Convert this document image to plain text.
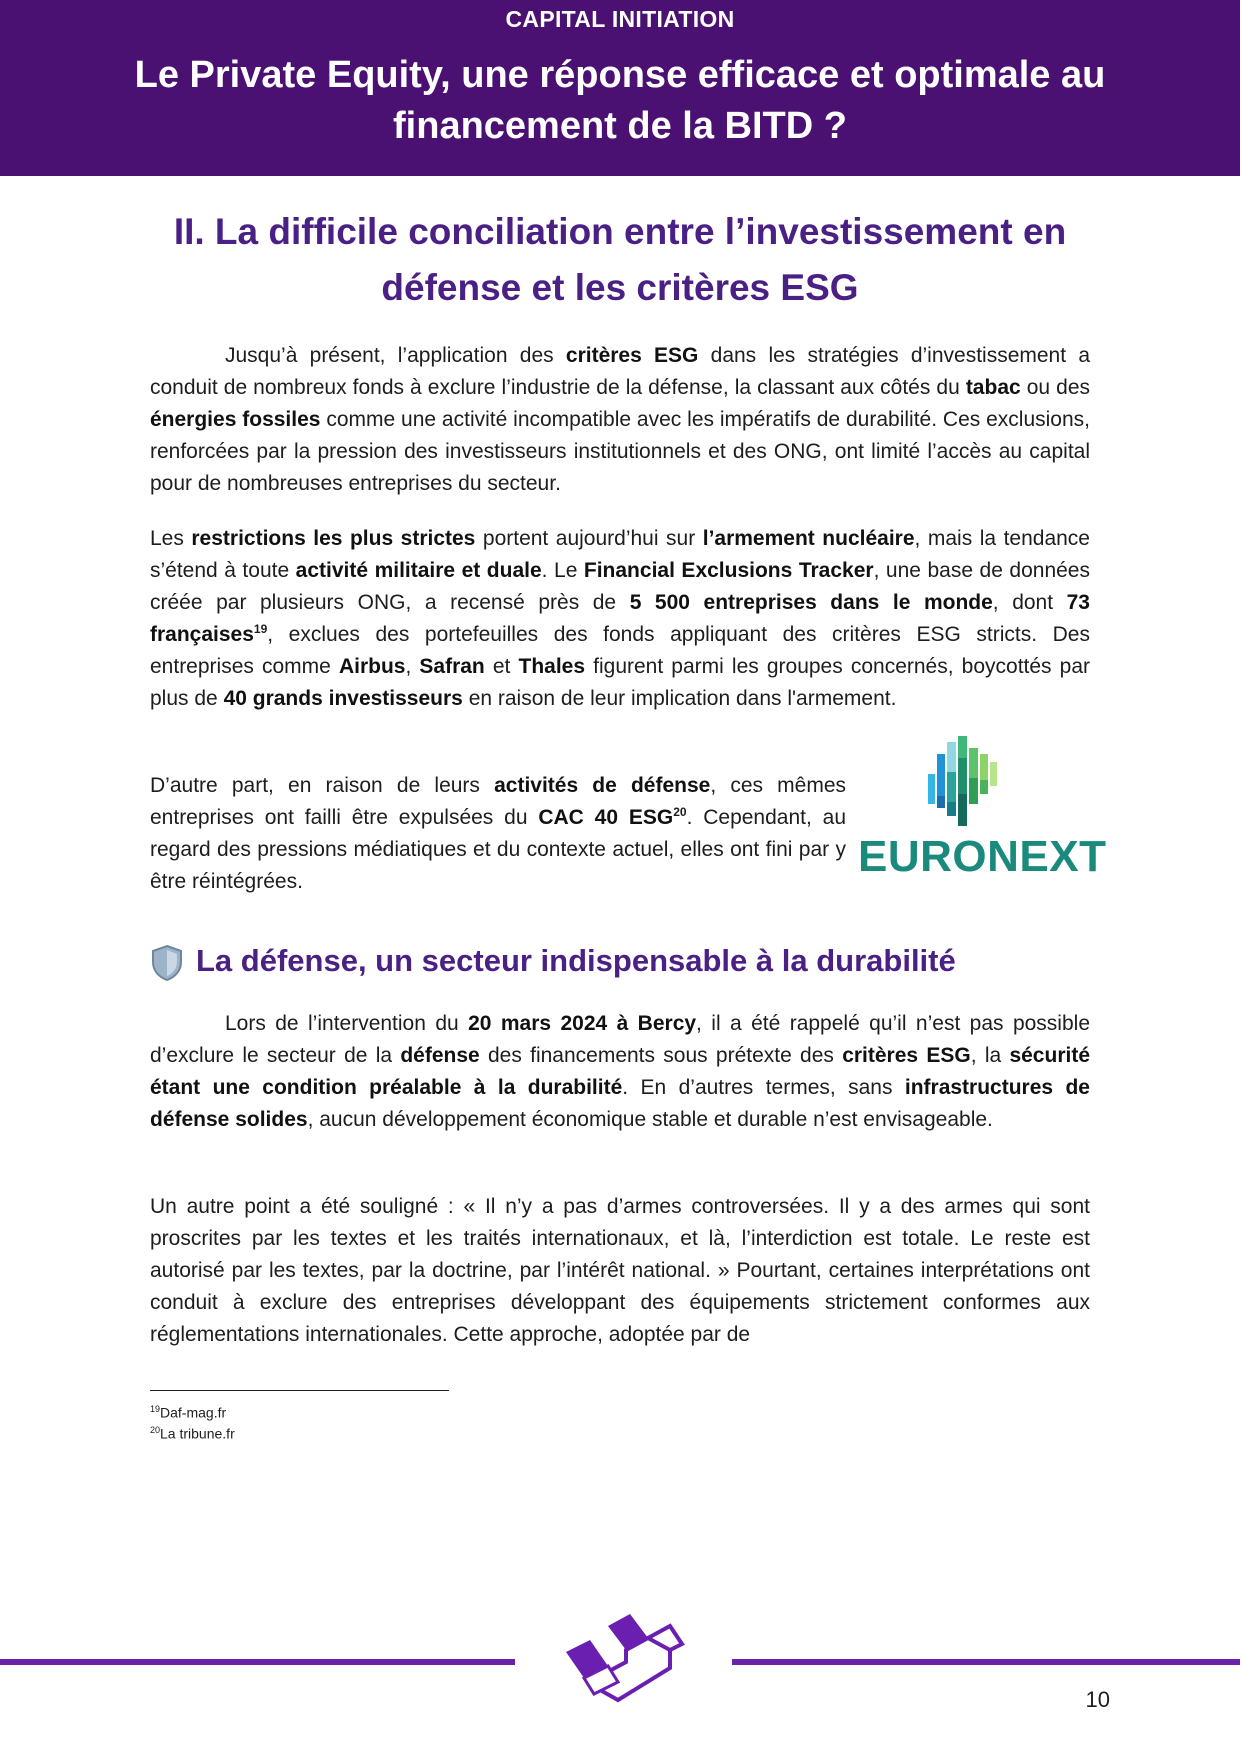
CAPITAL INITIATION
Le Private Equity, une réponse efficace et optimale au
financement de la BITD ?
II. La difficile conciliation entre l’investissement en
défense et les critères ESG

Jusqu’à présent, l’application des critères ESG dans les stratégies d’investissement a conduit de nombreux fonds à exclure l’industrie de la défense, la classant aux côtés du tabac ou des énergies fossiles comme une activité incompatible avec les impératifs de durabilité. Ces exclusions, renforcées par la pression des investisseurs institutionnels et des ONG, ont limité l’accès au capital pour de nombreuses entreprises du secteur.

Les restrictions les plus strictes portent aujourd’hui sur l’armement nucléaire, mais la tendance s’étend à toute activité militaire et duale. Le Financial Exclusions Tracker, une base de données créée par plusieurs ONG, a recensé près de 5 500 entreprises dans le monde, dont 73 françaises$^{19}$, exclues des portefeuilles des fonds appliquant des critères ESG stricts. Des entreprises comme Airbus, Safran et Thales figurent parmi les groupes concernés, boycottés par plus de 40 grands investisseurs en raison de leur implication dans l'armement.

D’autre part, en raison de leurs activités de défense, ces mêmes entreprises ont failli être expulsées du CAC 40 ESG$^{20}$. Cependant, au regard des pressions médiatiques et du contexte actuel, elles ont fini par y être réintégrées.

EURONEXT
La défense, un secteur indispensable à la durabilité

Lors de l’intervention du 20 mars 2024 à Bercy, il a été rappelé qu’il n’est pas possible d’exclure le secteur de la défense des financements sous prétexte des critères ESG, la sécurité étant une condition préalable à la durabilité. En d’autres termes, sans infrastructures de défense solides, aucun développement économique stable et durable n’est envisageable.

Un autre point a été souligné : « Il n’y a pas d’armes controversées. Il y a des armes qui sont proscrites par les textes et les traités internationaux, et là, l’interdiction est totale. Le reste est autorisé par les textes, par la doctrine, par l’intérêt national. » Pourtant, certaines interprétations ont conduit à exclure des entreprises développant des équipements strictement conformes aux réglementations internationales. Cette approche, adoptée par de

$^{19}$Daf-mag.fr
$^{20}$La tribune.fr
10
